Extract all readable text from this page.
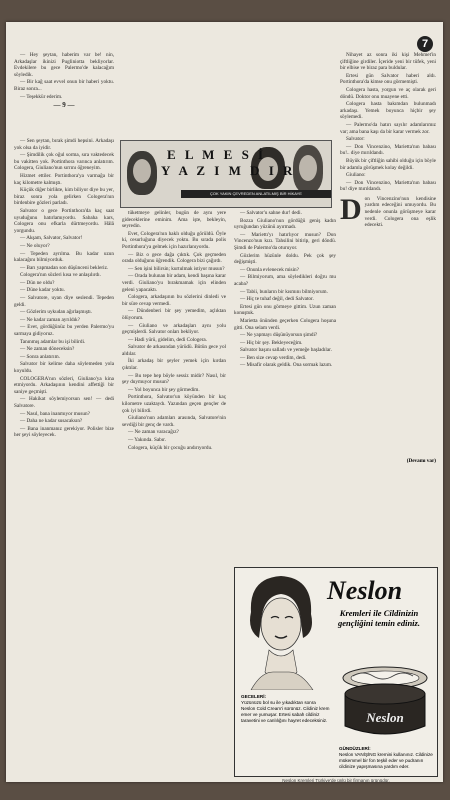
7

— Hey şeytan, haberim var be! nin, Arkadaşlar ikinizi Pugliniotta bekliyorlar. Evdekilere bu gece Palermo'de kalacağım söyledik.

— Bir kağ saat evvel onun bir haberi yoktu. Biraz sonra...

— Teşekkür ederim.

— 9 —

— Sen şeytan, bırak şimdi hepsini. Arkadaşı yok olsa da iyidir.

— Şimdilik çok oğul sorma, sıra vaktedecek bu vakitten yok. Portinthora varınca anlatırım. Cologera, Giuliano'nun sırrını öğreneyim.

Hizmet ettiler. Portinthora'ya varmağa bir kaç kilometre kalmıştı.

Küçük diğer birlikte, kim biliyor diye bu yer, biraz sonra yola gelirken Cologera'nın birdenbire gözleri parladı.

Salvator o gece Portinthora'da kaç saat uyuduğunu hatırlamıyordu. Sabaha kars, Cologera onu efkarla dürtmeyordu. Hâlâ yorgundu.

— Akşam, Salvator, Salvator!

— Ne oluyor?

— Tepeden ayrılma. Bu kadar uzun kalacağını bilmiyorduk.

— Barı yapmadan son düşünceni bekleriz.

Cologera'nın sözleri kısa ve anlaşılırdı.

— Dün ne oldu?

— Düne kadar yoktu.

— Salvatore, uyan diye seslendi. Tepeden geldi.

— Gözlerim uykudan ağırlaşmıştı.

— Ne kadar zaman ayrıldık?

— Evet, gördüğünüz bu yerden Palermo'yu sarmaya gidiyoruz.

Tanınmış adamlar bu işi bilirdi.

— Ne zaman döneceksin?

— Sonra anlatırım.

Salvator bir kelime daha söylemeden yola koyuldu.

COLOGERA'nın sözleri, Giuliano'ya kina etmiyordu. Arkadaşının kendini affettiği bir saniye geçmişti.

— Hakikat söylemiyorsun sen! — dedi Salvatore.

— Nasıl, bana inanmıyor musun?

— Daha ne kadar susacaksın?

— Bana inanmanız gerekiyor. Polisler bize her şeyi söyleyecek.

E L M E S İ
Y A Z I M D I R
ÇOK YAKIN ÇEVREDEN ANLATILMIŞ BİR HİKAYE

tüketmeye gelinler, bugün de aynı yere gideceklerine eminim. Ama işte, bekleyin, seyredin.

Evet, Cologera'nın haklı olduğu görüldü. Öyle ki, cesurluğuna diyecek yoktu. Bu sırada polis Portinthora'ya gelmek için hazırlanıyordu.

— Biz o gece dağa çıktık. Çok geçmeden orada olduğunu öğrendik. Cologera bizi çağırdı.

— Sen işini bilirsin; kurtulmak istiyor musun?

— Orada bulunan bir adam, kendi başına karar verdi. Giuliano'yu bırakmamak için elinden geleni yapacaktı.

Cologera, arkadaşının bu sözlerini dinledi ve bir süre cevap vermedi.

— Dündenberi bir şey yemedim, açlıktan ölüyorum.

— Giuliano ve arkadaşları aynı yolu geçmişlerdi. Salvator onları bekliyor.

— Hadi yürü, gidelim, dedi Cologera.

Salvator de arkasından yürüdü. Bütün gece yol aldılar.

İki arkadaş bir şeyler yemek için kırdan çıktılar.

— Bu tepe hep böyle sessiz midir? Nasıl, bir şey duymuyor musun?

— Yol boyunca bir şey görmedim.

Portinthora, Salvator'un köyünden bir kaç kilometre uzaktaydı. Yazından geçen gençler de çok iyi bilirdi.

Giuliano'nun adamları arasında, Salvatore'nin sevdiği bir genç de vardı.

— Ne zaman varacağız?

— Yakında. Sabır.

Cologera, küçük bir çocuğu andırıyordu.

— Salvator'u sahne dur! dedi.

Bozza Giuliano'nun gördüğü geniş kadın uyruğundan yüzünü ayırmadı.

— Mariettı'yı hatırlıyor musun? Don Vincenzo'nun kızı. Tahsilini bitirip, geri döndü. Şimdi de Palermo'da oturuyor.

Gözlerim hüzünle doldu. Pek çok şey değişmişti.

— Onunla evlenecek misin?

— Bilmiyorum, ama söyledikleri doğru mu acaba?

— Tabii, bunların bir kısmını bilmiyorum.

— Hiç te tuhaf değil, dedi Salvator.

Ertesi gün onu görmeye gittim. Uzun zaman konuştuk.

Marietta önünden geçerken Cologera hoşuna gitti. Ona selam verdi.

— Ne yapmayı düşünüyorsun şimdi?

— Hiç bir şey. Bekleyeceğim.

Salvator başını salladı ve yemeğe başladılar.

— Ben size cevap verdim, dedi.

— Misafir olarak geldik. Ona sormak lazım.

Nihayet az sonra iki kişi Mehmet'in çiftliğine girdiler. İçeride yeni bir tüfek, yeni bir elbise ve biraz para buldular.

Ertesi gün Salvator haberi aldı. Portinthora'da kimse onu görmemişti.

Cologera hasta, yorgun ve aç olarak geri döndü. Doktor onu muayene etti.

Cologera hasta bakımdan bulunmadı arkadaşı. Yemek boyunca hiçbir şey söylemedi.

— Palermo'da hatırı sayılır adamlarımız var; ama bana kaşı da bir karar vermek zor.

Salvator:

— Don Vincenzino, Marietta'nın babası bu!.. diye mırıldandı.

Büyük bir çiftliğin sahibi olduğu için böyle bir adamla görüşmek kolay değildi.

Giuliano:

— Don Vincenzino, Marietta'nın babası bu! diye mırıldandı.

Don Vincenzino'nun kendisine yardım edeceğini umuyordu. Bu nedenle onunla görüşmeye karar verdi. Cologera ona eşlik edecekti.

(Devamı var)
Neslon
Kremleri ile Cildinizin gençliğini temin ediniz.
Neslon
GECELERİ:
Yüzünüzü bol su ile yıkadıktan sonra Neslon Cold Cream'i sürünüz. Cildiniz krem emer ve yumuşar. Ertesi sabah cildiniz taravetini ve canlılığını hayret edeceksiniz.
GÜNDÜZLERİ:
Neslon VANİŞİNG kremini kullanınız. Cildinize mükemmel bir fon teşkil eder ve pudranın cildinize yapışmasına yardım eder.
Neslon Kremleri Türkiye'de ünlü bir firmanın ürünüdür.
